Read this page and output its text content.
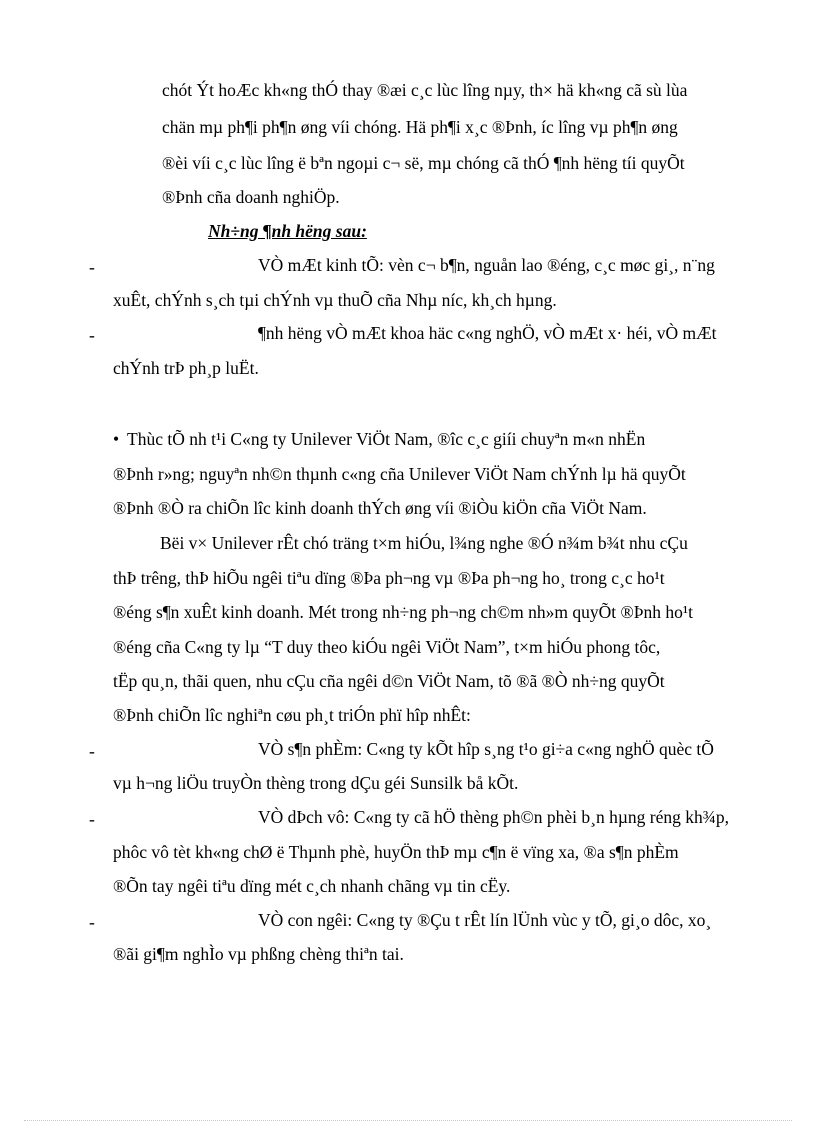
chót Ýt hoÆc kh«ng thÓ thay ®æi c¸c lùc lîng nµy, th× hä kh«ng cã sù lùa
chän mµ ph¶i ph¶n øng víi chóng. Hä ph¶i x¸c ®Þnh, íc lîng vµ ph¶n øng
®èi víi c¸c lùc lîng ë bªn ngoµi c¬ së, mµ chóng cã thÓ ¶nh hëng tíi quyÕt
®Þnh cña doanh nghiÖp.
Nh÷ng ¶nh hëng sau:
-	VÒ mÆt kinh tÕ: vèn c¬ b¶n, nguån lao ®éng, c¸c møc gi¸, n¨ng
xuÊt, chÝnh s¸ch tµi chÝnh vµ thuÕ cña Nhµ níc, kh¸ch hµng.
-	¶nh hëng vÒ mÆt khoa häc c«ng nghÖ, vÒ mÆt x· héi, vÒ mÆt
chÝnh trÞ ph¸p luËt.
• Thùc tÕ nh t¹i C«ng ty Unilever ViÖt Nam, ®îc c¸c giíi chuyªn m«n nhËn
®Þnh r»ng; nguyªn nh©n thµnh c«ng cña Unilever ViÖt Nam chÝnh lµ hä quyÕt
®Þnh ®Ò ra chiÕn lîc kinh doanh thÝch øng víi ®iÒu kiÖn cña ViÖt Nam.
Bëi v× Unilever rÊt chó träng t×m hiÓu, l¾ng nghe ®Ó n¾m b¾t nhu cÇu
thÞ trêng, thÞ hiÕu ngêi tiªu dïng ®Þa ph¬ng vµ ®Þa ph¬ng ho¸ trong c¸c ho¹t
®éng s¶n xuÊt kinh doanh. Mét trong nh÷ng ph¬ng ch©m nh»m quyÕt ®Þnh ho¹t
®éng cña C«ng ty lµ “T duy theo kiÓu ngêi ViÖt Nam”, t×m hiÓu phong tôc,
tËp qu¸n, thãi quen, nhu cÇu cña ngêi d©n ViÖt Nam, tõ ®ã ®Ò nh÷ng quyÕt
®Þnh chiÕn lîc nghiªn cøu ph¸t triÓn phï hîp nhÊt:
-	VÒ s¶n phÈm: C«ng ty kÕt hîp s¸ng t¹o gi÷a c«ng nghÖ quèc tÕ
vµ h¬ng liÖu truyÒn thèng trong dÇu géi Sunsilk bå kÕt.
-	VÒ dÞch vô: C«ng ty cã hÖ thèng ph©n phèi b¸n hµng réng kh¾p,
phôc vô tèt kh«ng chØ ë Thµnh phè, huyÖn thÞ mµ c¶n ë vïng xa, ®a s¶n phÈm
®Õn tay ngêi tiªu dïng mét c¸ch nhanh chãng vµ tin cËy.
-	VÒ con ngêi: C«ng ty ®Çu t rÊt lín lÜnh vùc y tÕ, gi¸o dôc, xo¸
®ãi gi¶m nghÌo vµ phßng chèng thiªn tai.
